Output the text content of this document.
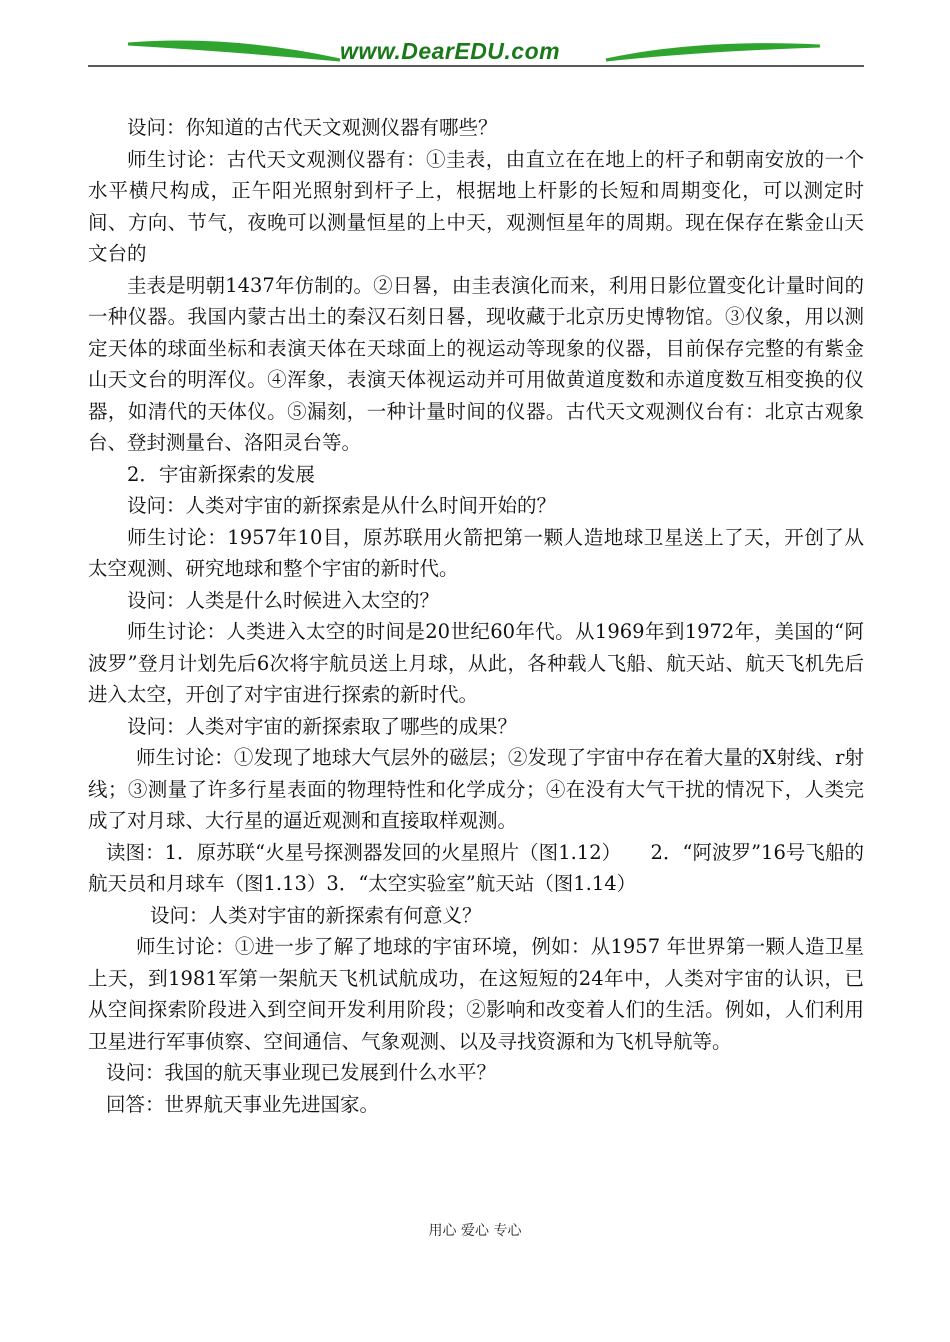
www.DearEDU.com

设问：你知道的古代天文观测仪器有哪些？

师生讨论：古代天文观测仪器有：①圭表，由直立在在地上的杆子和朝南安放的一个水平横尺构成，正午阳光照射到杆子上，根据地上杆影的长短和周期变化，可以测定时间、方向、节气，夜晚可以测量恒星的上中天，观测恒星年的周期。现在保存在紫金山天文台的

圭表是明朝1437年仿制的。②日晷，由圭表演化而来，利用日影位置变化计量时间的一种仪器。我国内蒙古出土的秦汉石刻日晷，现收藏于北京历史博物馆。③仪象，用以测定天体的球面坐标和表演天体在天球面上的视运动等现象的仪器，目前保存完整的有紫金山天文台的明浑仪。④浑象，表演天体视运动并可用做黄道度数和赤道度数互相变换的仪器，如清代的天体仪。⑤漏刻，一种计量时间的仪器。古代天文观测仪台有：北京古观象台、登封测量台、洛阳灵台等。

2．宇宙新探索的发展

设问：人类对宇宙的新探索是从什么时间开始的？

师生讨论：1957年10目，原苏联用火箭把第一颗人造地球卫星送上了天，开创了从太空观测、研究地球和整个宇宙的新时代。

设问：人类是什么时候进入太空的？

师生讨论：人类进入太空的时间是20世纪60年代。从1969年到1972年，美国的“阿波罗”登月计划先后6次将宇航员送上月球，从此，各种载人飞船、航天站、航天飞机先后进入太空，开创了对宇宙进行探索的新时代。

设问：人类对宇宙的新探索取了哪些的成果？

师生讨论：①发现了地球大气层外的磁层；②发现了宇宙中存在着大量的X射线、r射线；③测量了许多行星表面的物理特性和化学成分；④在没有大气干扰的情况下，人类完成了对月球、大行星的逼近观测和直接取样观测。

读图：1．原苏联“火星号探测器发回的火星照片（图1.12）　　2．“阿波罗”16号飞船的航天员和月球车（图1.13）3．“太空实验室”航天站（图1.14）

设问：人类对宇宙的新探索有何意义？

师生讨论：①进一步了解了地球的宇宙环境，例如：从1957 年世界第一颗人造卫星上天，到1981军第一架航天飞机试航成功，在这短短的24年中，人类对宇宙的认识，已从空间探索阶段进入到空间开发利用阶段；②影响和改变着人们的生活。例如，人们利用卫星进行军事侦察、空间通信、气象观测、以及寻找资源和为飞机导航等。

设问：我国的航天事业现已发展到什么水平？

回答：世界航天事业先进国家。

用心 爱心 专心
